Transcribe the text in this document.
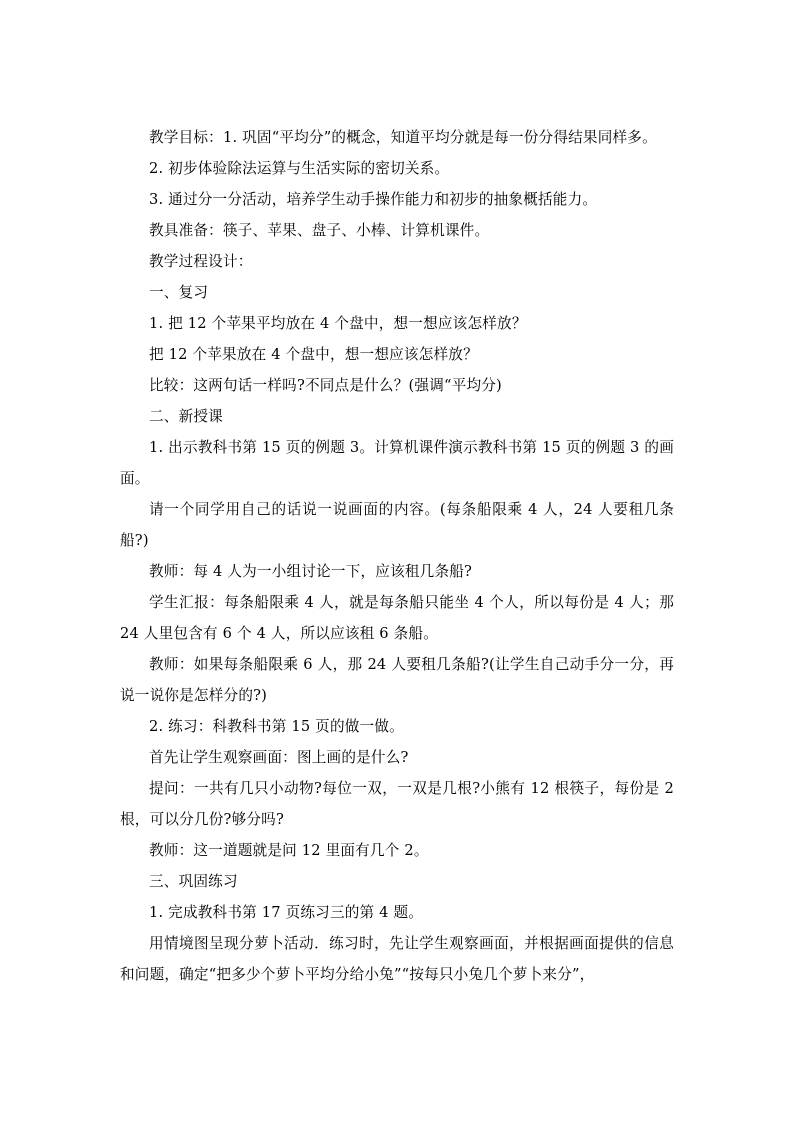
教学目标：1. 巩固“平均分”的概念，知道平均分就是每一份分得结果同样多。

2. 初步体验除法运算与生活实际的密切关系。

3. 通过分一分活动，培养学生动手操作能力和初步的抽象概括能力。

教具准备：筷子、苹果、盘子、小棒、计算机课件。

教学过程设计：

一、复习

1. 把 12 个苹果平均放在 4 个盘中，想一想应该怎样放？

把 12 个苹果放在 4 个盘中，想一想应该怎样放？

比较：这两句话一样吗?不同点是什么？(强调“平均分)

二、新授课

1. 出示教科书第 15 页的例题 3。计算机课件演示教科书第 15 页的例题 3 的画面。

请一个同学用自己的话说一说画面的内容。(每条船限乘 4 人，24 人要租几条船?)

教师：每 4 人为一小组讨论一下，应该租几条船?

学生汇报：每条船限乘 4 人，就是每条船只能坐 4 个人，所以每份是 4 人；那 24 人里包含有 6 个 4 人，所以应该租 6 条船。

教师：如果每条船限乘 6 人，那 24 人要租几条船?(让学生自己动手分一分，再说一说你是怎样分的?)

2. 练习：科教科书第 15 页的做一做。

首先让学生观察画面：图上画的是什么?

提问：一共有几只小动物?每位一双，一双是几根?小熊有 12 根筷子，每份是 2 根，可以分几份?够分吗?

教师：这一道题就是问 12 里面有几个 2。

三、巩固练习

1. 完成教科书第 17 页练习三的第 4 题。

用情境图呈现分萝卜活动．练习时，先让学生观察画面，并根据画面提供的信息和问题，确定“把多少个萝卜平均分给小兔”“按每只小兔几个萝卜来分”，
